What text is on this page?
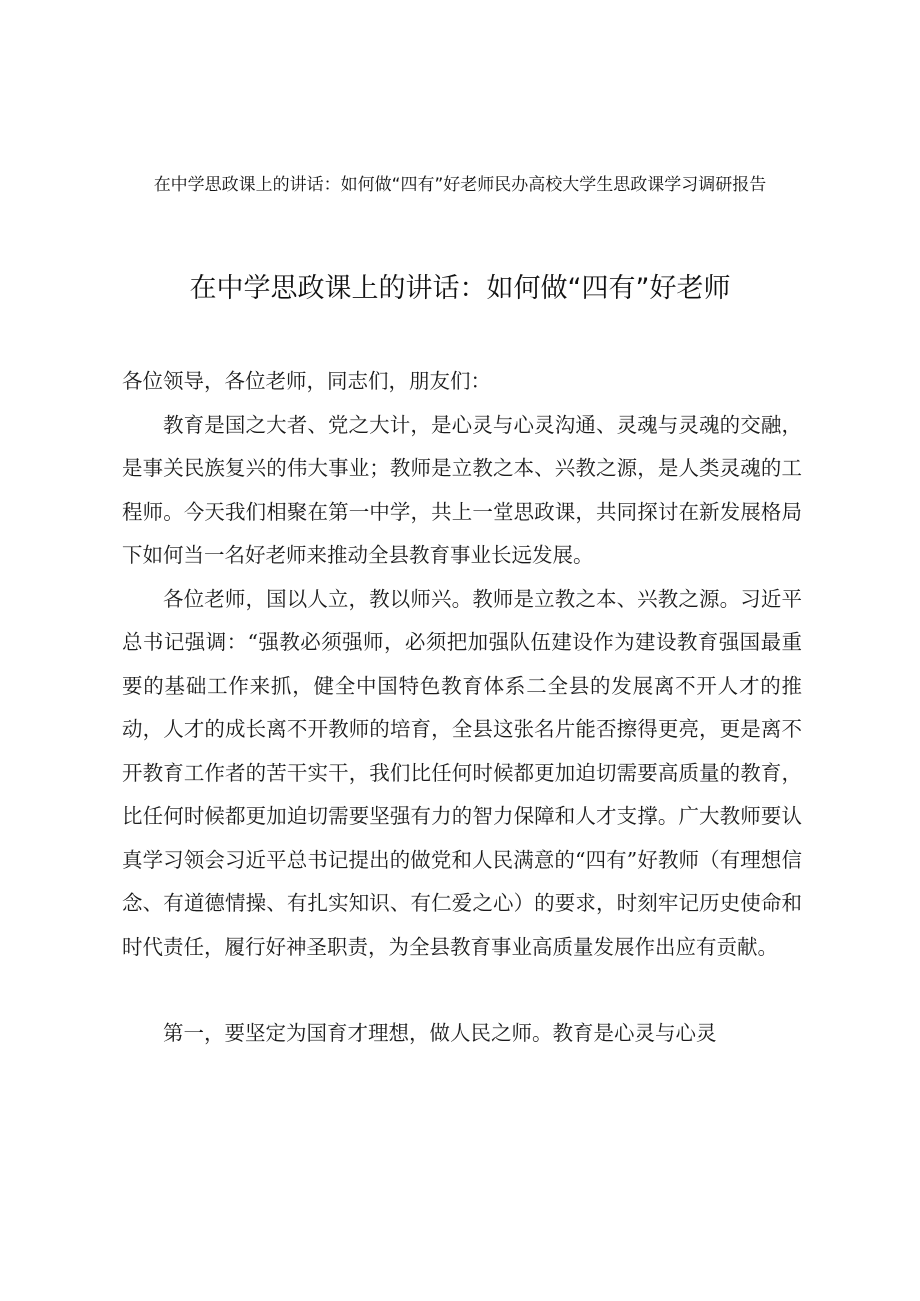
在中学思政课上的讲话：如何做“四有”好老师民办高校大学生思政课学习调研报告
在中学思政课上的讲话：如何做“四有”好老师

各位领导，各位老师，同志们，朋友们：

教育是国之大者、党之大计，是心灵与心灵沟通、灵魂与灵魂的交融，是事关民族复兴的伟大事业；教师是立教之本、兴教之源，是人类灵魂的工程师。今天我们相聚在第一中学，共上一堂思政课，共同探讨在新发展格局下如何当一名好老师来推动全县教育事业长远发展。

各位老师，国以人立，教以师兴。教师是立教之本、兴教之源。习近平总书记强调：“强教必须强师，必须把加强队伍建设作为建设教育强国最重要的基础工作来抓，健全中国特色教育体系二全县的发展离不开人才的推动，人才的成长离不开教师的培育，全县这张名片能否擦得更亮，更是离不开教育工作者的苦干实干，我们比任何时候都更加迫切需要高质量的教育，比任何时候都更加迫切需要坚强有力的智力保障和人才支撑。广大教师要认真学习领会习近平总书记提出的做党和人民满意的“四有”好教师（有理想信念、有道德情操、有扎实知识、有仁爱之心）的要求，时刻牢记历史使命和时代责任，履行好神圣职责，为全县教育事业高质量发展作出应有贡献。

第一，要坚定为国育才理想，做人民之师。教育是心灵与心灵
